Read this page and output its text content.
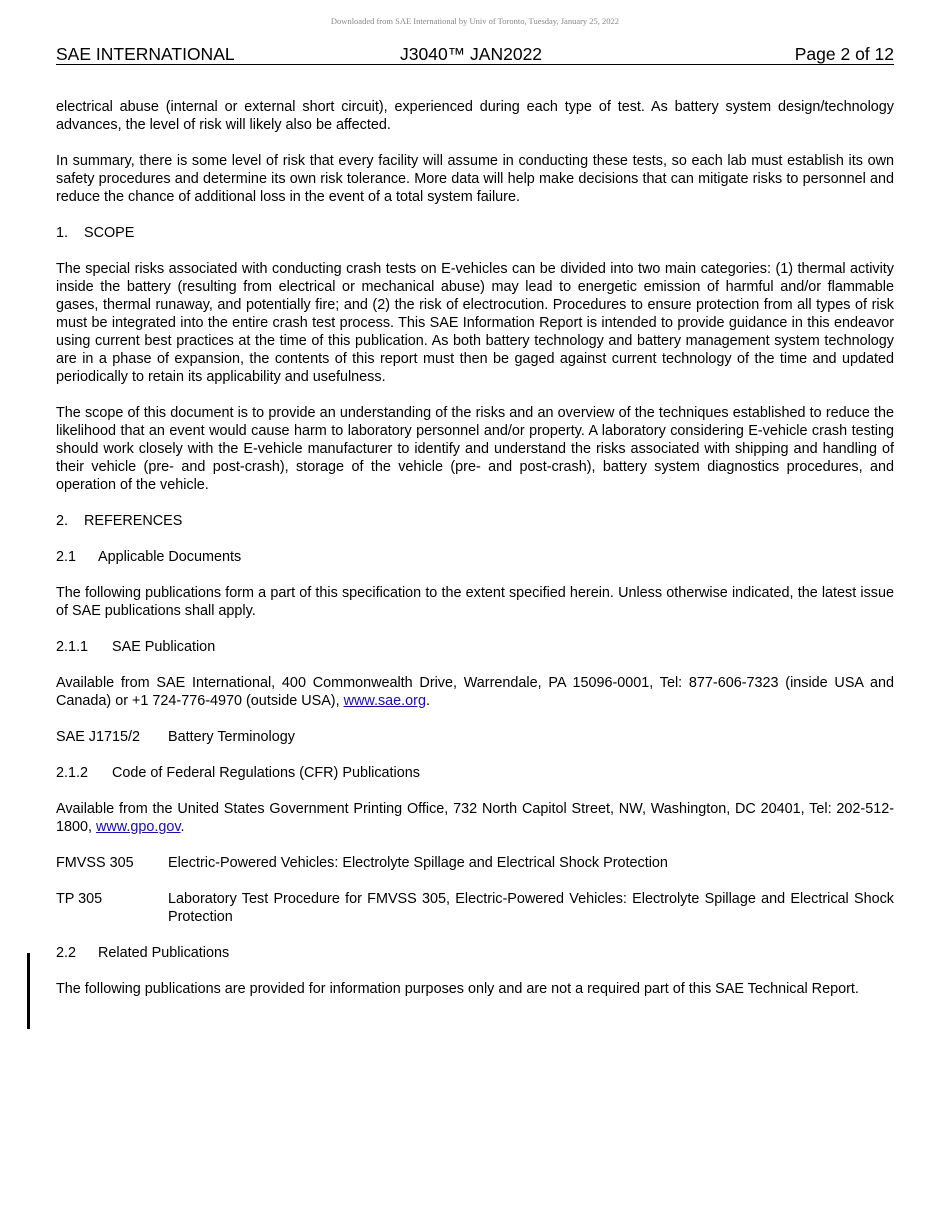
Downloaded from SAE International by Univ of Toronto, Tuesday, January 25, 2022
SAE INTERNATIONAL	J3040™ JAN2022	Page 2 of 12

electrical abuse (internal or external short circuit), experienced during each type of test. As battery system design/technology advances, the level of risk will likely also be affected.

In summary, there is some level of risk that every facility will assume in conducting these tests, so each lab must establish its own safety procedures and determine its own risk tolerance. More data will help make decisions that can mitigate risks to personnel and reduce the chance of additional loss in the event of a total system failure.

1.	SCOPE

The special risks associated with conducting crash tests on E-vehicles can be divided into two main categories: (1) thermal activity inside the battery (resulting from electrical or mechanical abuse) may lead to energetic emission of harmful and/or flammable gases, thermal runaway, and potentially fire; and (2) the risk of electrocution. Procedures to ensure protection from all types of risk must be integrated into the entire crash test process. This SAE Information Report is intended to provide guidance in this endeavor using current best practices at the time of this publication. As both battery technology and battery management system technology are in a phase of expansion, the contents of this report must then be gaged against current technology of the time and updated periodically to retain its applicability and usefulness.

The scope of this document is to provide an understanding of the risks and an overview of the techniques established to reduce the likelihood that an event would cause harm to laboratory personnel and/or property. A laboratory considering E-vehicle crash testing should work closely with the E-vehicle manufacturer to identify and understand the risks associated with shipping and handling of their vehicle (pre- and post-crash), storage of the vehicle (pre- and post-crash), battery system diagnostics procedures, and operation of the vehicle.

2.	REFERENCES
2.1	Applicable Documents

The following publications form a part of this specification to the extent specified herein. Unless otherwise indicated, the latest issue of SAE publications shall apply.

2.1.1	SAE Publication

Available from SAE International, 400 Commonwealth Drive, Warrendale, PA 15096-0001, Tel: 877-606-7323 (inside USA and Canada) or +1 724-776-4970 (outside USA), www.sae.org.

SAE J1715/2	Battery Terminology
2.1.2	Code of Federal Regulations (CFR) Publications

Available from the United States Government Printing Office, 732 North Capitol Street, NW, Washington, DC 20401, Tel: 202-512-1800, www.gpo.gov.

FMVSS 305	Electric-Powered Vehicles: Electrolyte Spillage and Electrical Shock Protection
TP 305	Laboratory Test Procedure for FMVSS 305, Electric-Powered Vehicles: Electrolyte Spillage and Electrical Shock Protection
2.2	Related Publications

The following publications are provided for information purposes only and are not a required part of this SAE Technical Report.
